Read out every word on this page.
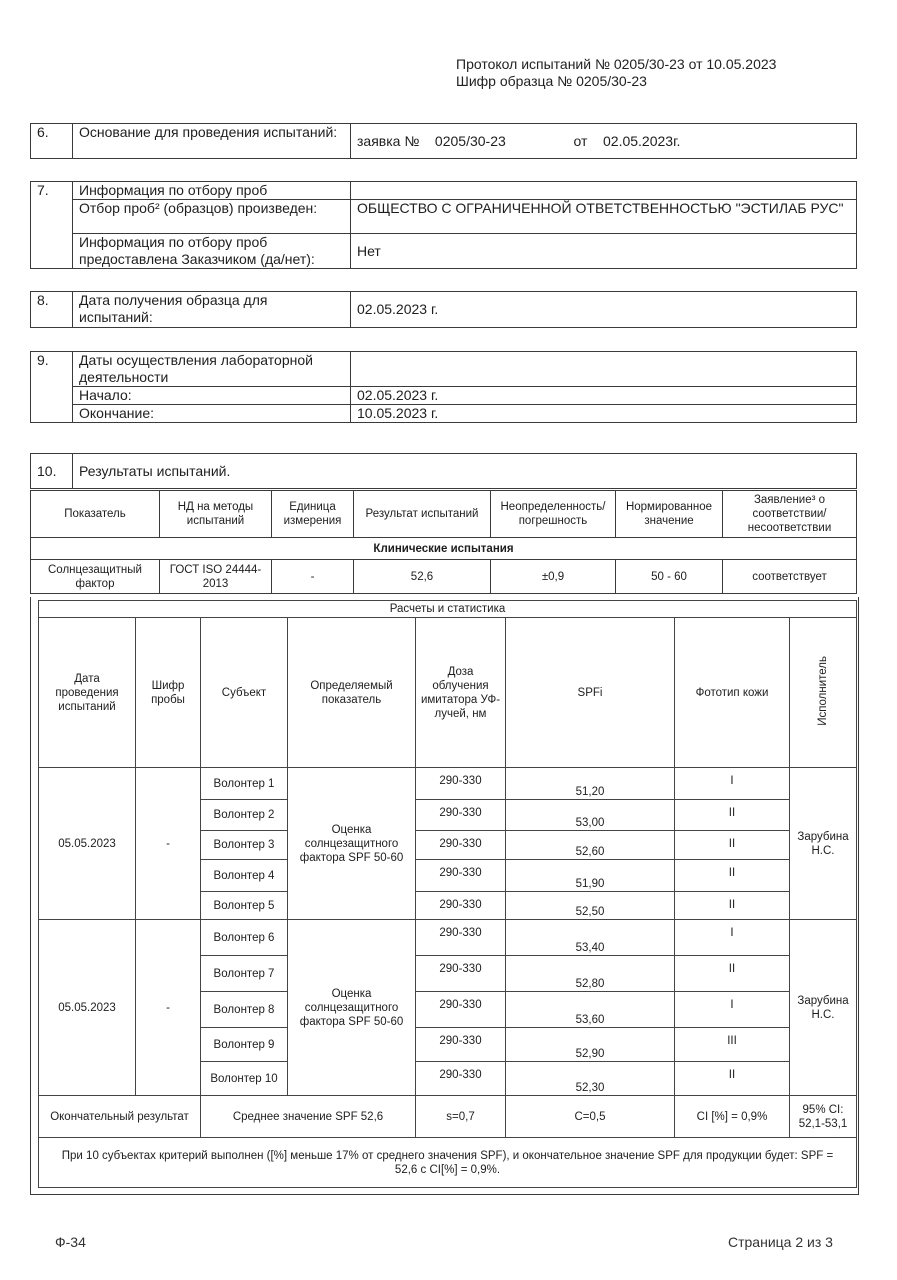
Протокол испытаний № 0205/30-23 от 10.05.2023
Шифр образца № 0205/30-23
6.	Основание для проведения испытаний:	заявка № 0205/30-23	от 02.05.2023г.
7.	Информация по отбору проб	
	Отбор проб² (образцов) произведен:	ОБЩЕСТВО С ОГРАНИЧЕННОЙ ОТВЕТСТВЕННОСТЬЮ "ЭСТИЛАБ РУС"
	Информация по отбору проб предоставлена Заказчиком (да/нет):	Нет
8.	Дата получения образца для испытаний:	02.05.2023 г.
9.	Даты осуществления лабораторной деятельности	
	Начало:	02.05.2023 г.
	Окончание:	10.05.2023 г.
10.	Результаты испытаний.
Показатель	НД на методы испытаний	Единица измерения	Результат испытаний	Неопределенность/ погрешность	Нормированное значение	Заявление³ о соответствии/ несоответствии
Клинические испытания						
Солнцезащитный фактор	ГОСТ ISO 24444-2013	-	52,6	±0,9	50 - 60	соответствует
Расчеты и статистика							
Дата проведения испытаний	Шифр пробы	Субъект	Определяемый показатель	Доза облучения имитатора УФ-лучей, нм	SPFi	Фототип кожи	Исполнитель
05.05.2023	-	Волонтер 1	Оценка солнцезащитного фактора SPF 50-60	290-330	51,20	I	Зарубина Н.С.
		Волонтер 2		290-330	53,00	II	
		Волонтер 3		290-330	52,60	II	
		Волонтер 4		290-330	51,90	II	
		Волонтер 5		290-330	52,50	II	
05.05.2023	-	Волонтер 6	Оценка солнцезащитного фактора SPF 50-60	290-330	53,40	I	Зарубина Н.С.
		Волонтер 7		290-330	52,80	II	
		Волонтер 8		290-330	53,60	I	
		Волонтер 9		290-330	52,90	III	
		Волонтер 10		290-330	52,30	II	
Окончательный результат		Среднее значение SPF 52,6		s=0,7	C=0,5	CI [%] = 0,9%	95% CI: 52,1-53,1
При 10 субъектах критерий выполнен ([%] меньше 17% от среднего значения SPF), и окончательное значение SPF для продукции будет: SPF = 52,6 с CI[%] = 0,9%.							
Ф-34	Страница 2 из 3
